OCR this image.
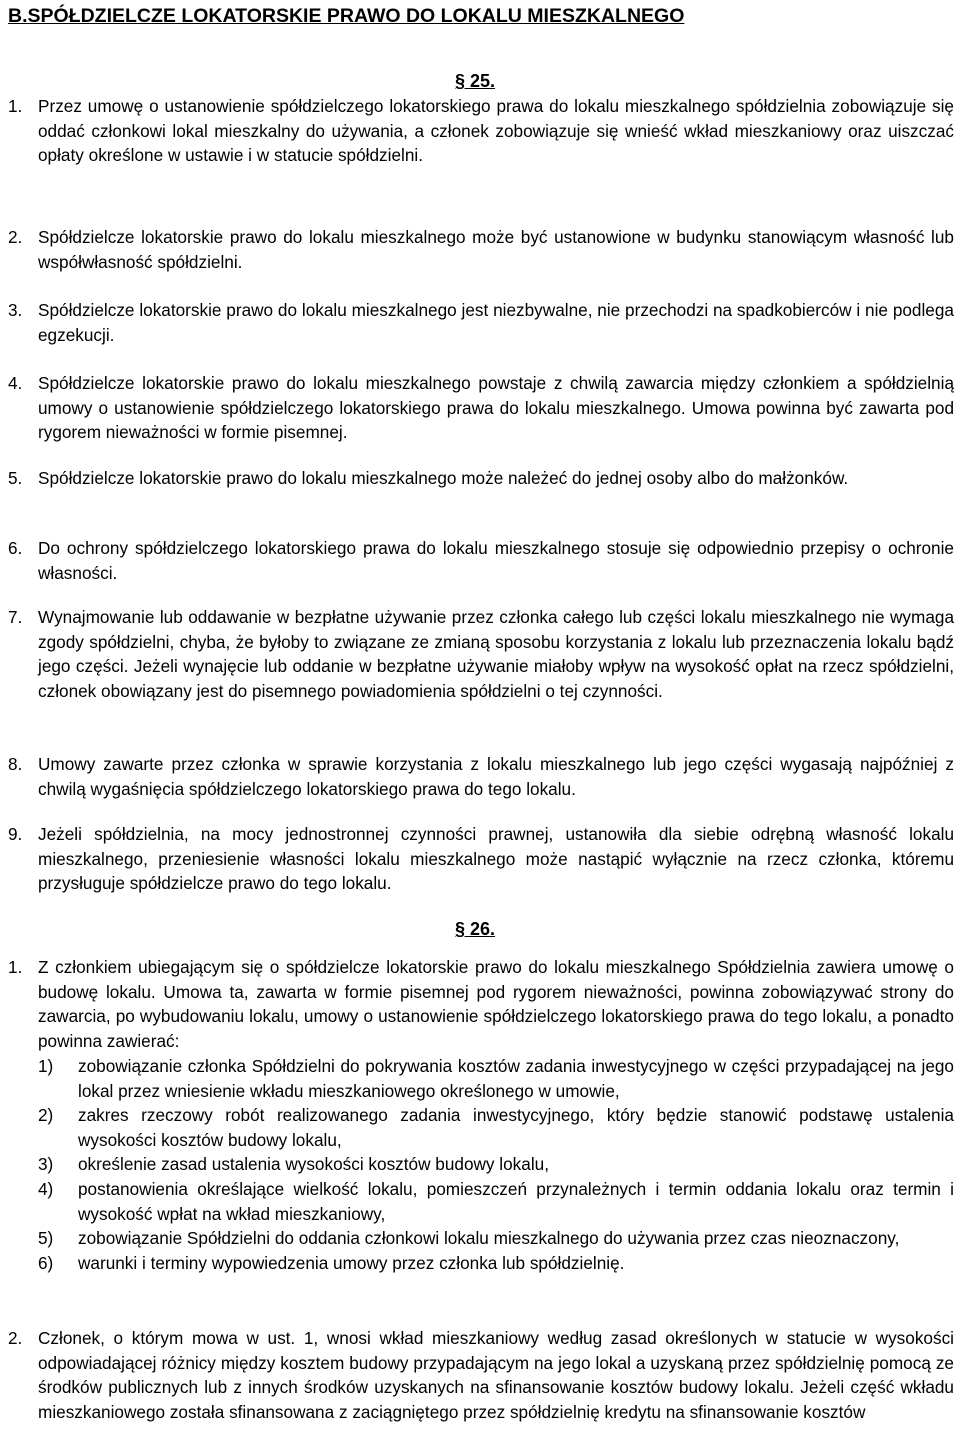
B.SPÓŁDZIELCZE LOKATORSKIE PRAWO DO LOKALU MIESZKALNEGO
§ 25.
1. Przez umowę o ustanowienie spółdzielczego lokatorskiego prawa do lokalu mieszkalnego spółdzielnia zobowiązuje się oddać członkowi lokal mieszkalny do używania, a członek zobowiązuje się wnieść wkład mieszkaniowy oraz uiszczać opłaty określone w ustawie i w statucie spółdzielni.
2. Spółdzielcze lokatorskie prawo do lokalu mieszkalnego może być ustanowione w budynku stanowiącym własność lub współwłasność spółdzielni.
3. Spółdzielcze lokatorskie prawo do lokalu mieszkalnego jest niezbywalne, nie przechodzi na spadkobierców i nie podlega egzekucji.
4. Spółdzielcze lokatorskie prawo do lokalu mieszkalnego powstaje z chwilą zawarcia między członkiem a spółdzielnią umowy o ustanowienie spółdzielczego lokatorskiego prawa do lokalu mieszkalnego. Umowa powinna być zawarta pod rygorem nieważności w formie pisemnej.
5. Spółdzielcze lokatorskie prawo do lokalu mieszkalnego może należeć do jednej osoby albo do małżonków.
6. Do ochrony spółdzielczego lokatorskiego prawa do lokalu mieszkalnego stosuje się odpowiednio przepisy o ochronie własności.
7. Wynajmowanie lub oddawanie w bezpłatne używanie przez członka całego lub części lokalu mieszkalnego nie wymaga zgody spółdzielni, chyba, że byłoby to związane ze zmianą sposobu korzystania z lokalu lub przeznaczenia lokalu bądź jego części. Jeżeli wynajęcie lub oddanie w bezpłatne używanie miałoby wpływ na wysokość opłat na rzecz spółdzielni, członek obowiązany jest do pisemnego powiadomienia spółdzielni o tej czynności.
8. Umowy zawarte przez członka w sprawie korzystania z lokalu mieszkalnego lub jego części wygasają najpóźniej z chwilą wygaśnięcia spółdzielczego lokatorskiego prawa do tego lokalu.
9. Jeżeli spółdzielnia, na mocy jednostronnej czynności prawnej, ustanowiła dla siebie odrębną własność lokalu mieszkalnego, przeniesienie własności lokalu mieszkalnego może nastąpić wyłącznie na rzecz członka, któremu przysługuje spółdzielcze prawo do tego lokalu.
§ 26.
1. Z członkiem ubiegającym się o spółdzielcze lokatorskie prawo do lokalu mieszkalnego Spółdzielnia zawiera umowę o budowę lokalu. Umowa ta, zawarta w formie pisemnej pod rygorem nieważności, powinna zobowiązywać strony do zawarcia, po wybudowaniu lokalu, umowy o ustanowienie spółdzielczego lokatorskiego prawa do tego lokalu, a ponadto powinna zawierać:
1) zobowiązanie członka Spółdzielni do pokrywania kosztów zadania inwestycyjnego w części przypadającej na jego lokal przez wniesienie wkładu mieszkaniowego określonego w umowie,
2) zakres rzeczowy robót realizowanego zadania inwestycyjnego, który będzie stanowić podstawę ustalenia wysokości kosztów budowy lokalu,
3) określenie zasad ustalenia wysokości kosztów budowy lokalu,
4) postanowienia określające wielkość lokalu, pomieszczeń przynależnych i termin oddania lokalu oraz termin i wysokość wpłat na wkład mieszkaniowy,
5) zobowiązanie Spółdzielni do oddania członkowi lokalu mieszkalnego do używania przez czas nieoznaczony,
6) warunki i terminy wypowiedzenia umowy przez członka lub spółdzielnię.
2. Członek, o którym mowa w ust. 1, wnosi wkład mieszkaniowy według zasad określonych w statucie w wysokości odpowiadającej różnicy między kosztem budowy przypadającym na jego lokal a uzyskaną przez spółdzielnię pomocą ze środków publicznych lub z innych środków uzyskanych na sfinansowanie kosztów budowy lokalu. Jeżeli część wkładu mieszkaniowego została sfinansowana z zaciągniętego przez spółdzielnię kredytu na sfinansowanie kosztów
